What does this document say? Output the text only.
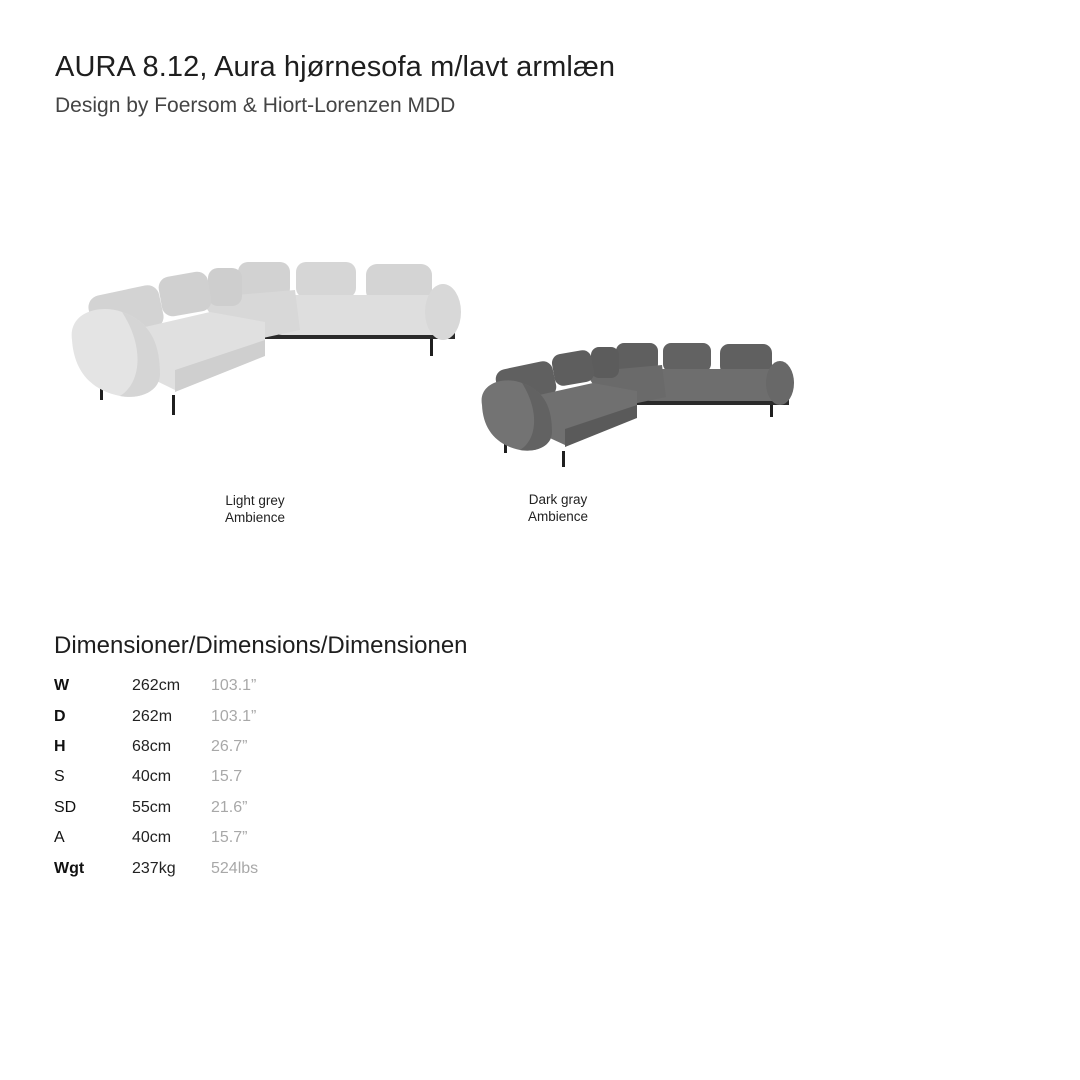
AURA 8.12, Aura hjørnesofa m/lavt armlæn

Design by Foersom & Hiort-Lorenzen MDD

Light grey
Ambience
Dark gray
Ambience
Dimensioner/Dimensions/Dimensionen
W	262cm	103.1”
D	262m	103.1”
H	68cm	26.7”
S	40cm	15.7
SD	55cm	21.6”
A	40cm	15.7”
Wgt	237kg	524lbs
